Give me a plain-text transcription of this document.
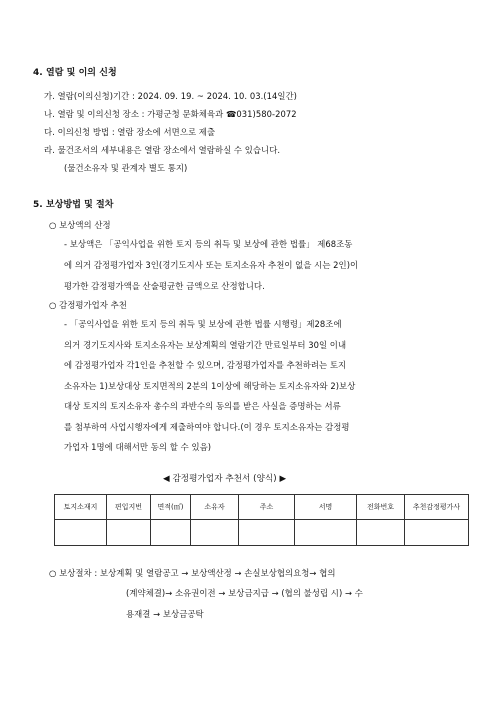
4. 열람 및 이의 신청
가. 열람(이의신청)기간 : 2024. 09. 19. ~ 2024. 10. 03.(14일간)
나. 열람 및 이의신청 장소 : 가평군청 문화체육과 ☎031)580-2072
다. 이의신청 방법 : 열람 장소에 서면으로 제출
라. 물건조서의 세부내용은 열람 장소에서 열람하실 수 있습니다.
(물건소유자 및 관계자 별도 통지)
5. 보상방법 및 절차
○ 보상액의 산정
- 보상액은 「공익사업을 위한 토지 등의 취득 및 보상에 관한 법률」 제68조동
에 의거 감정평가업자 3인(경기도지사 또는 토지소유자 추천이 없을 시는 2인)이
평가한 감정평가액을 산술평균한 금액으로 산정합니다.
○ 감정평가업자 추천
- 「공익사업을 위한 토지 등의 취득 및 보상에 관한 법률 시행령」제28조에
의거 경기도지사와 토지소유자는 보상계획의 열람기간 만료일부터 30일 이내
에 감정평가업자 각1인을 추천할 수 있으며, 감정평가업자를 추천하려는 토지
소유자는 1)보상대상 토지면적의 2분의 1이상에 해당하는 토지소유자와 2)보상
대상 토지의 토지소유자 총수의 과반수의 동의를 받은 사실을 증명하는 서류
를 첨부하여 사업시행자에게 제출하여야 합니다.(이 경우 토지소유자는 감정평
가업자 1명에 대해서만 동의 할 수 있음)
◀ 감정평가업자 추천서 (양식) ▶
토지소재지	편입지번	면적(㎡)	소유자	주소	서명	전화번호	추천감정평가사

○ 보상절차 : 보상계획 및 열람공고 → 보상액산정 → 손실보상협의요청→ 협의
(계약체결)→ 소유권이전 → 보상금지급 → (협의 불성립 시) → 수
용재결 → 보상금공탁
